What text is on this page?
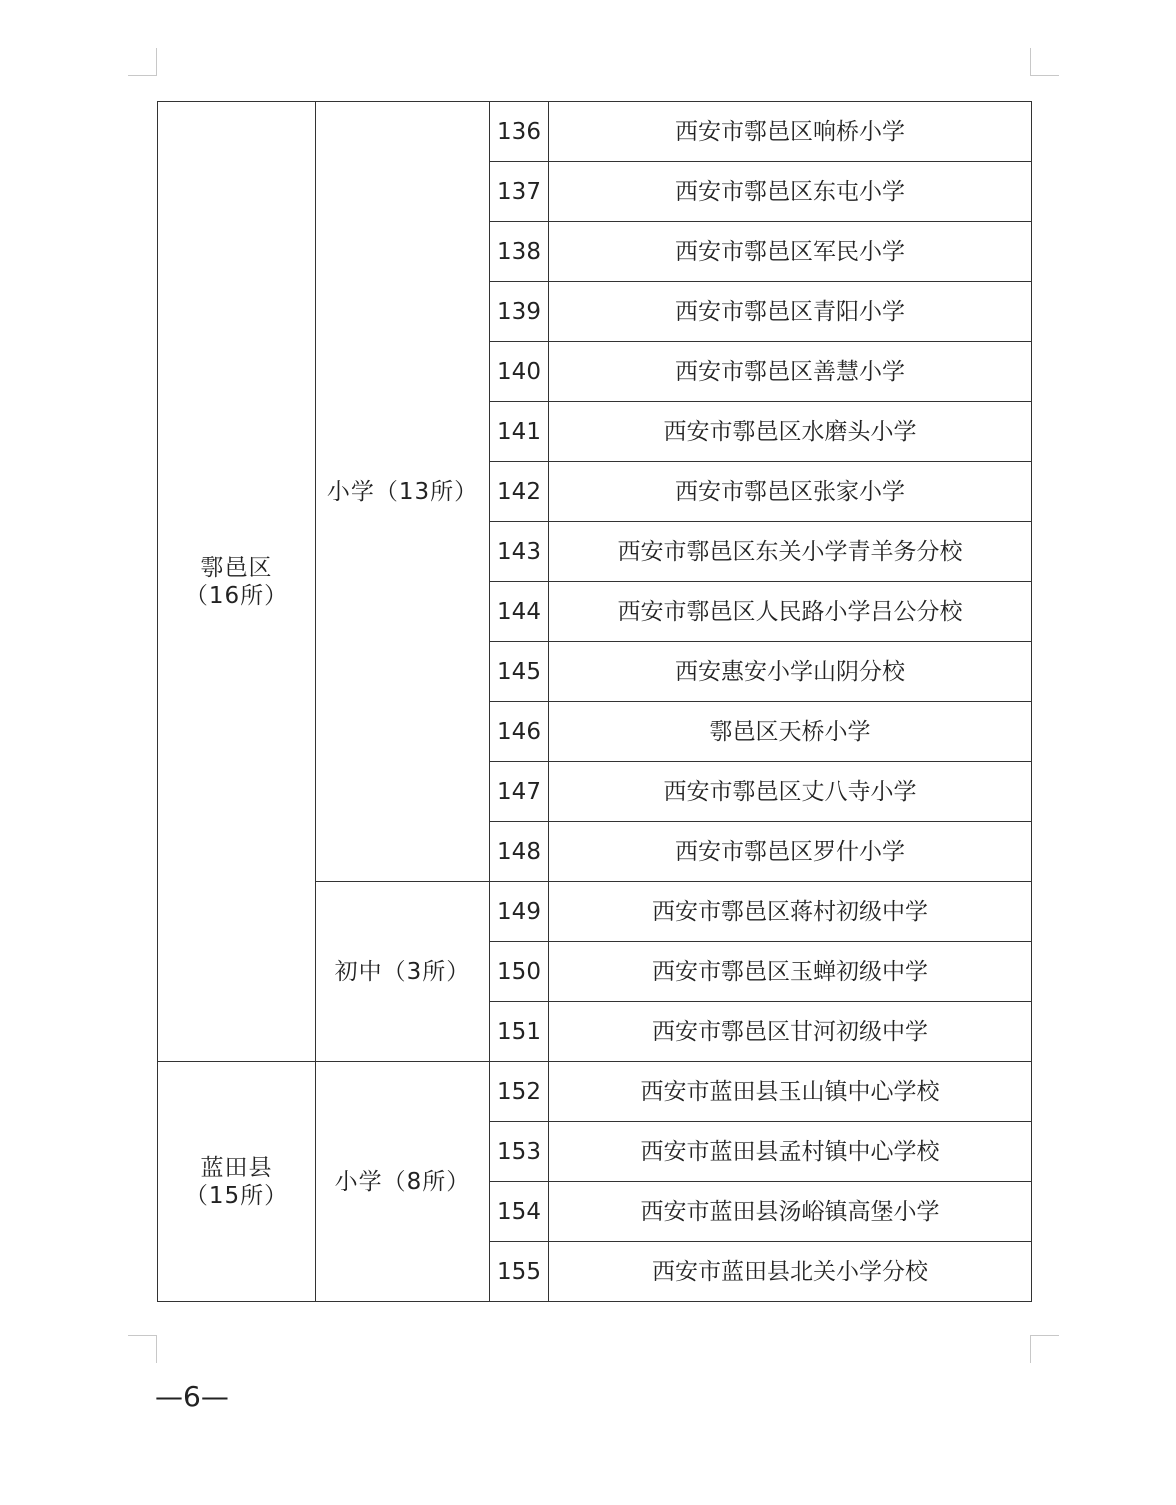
鄠邑区
（16所）	小学（13所）	136	西安市鄠邑区响桥小学
		137	西安市鄠邑区东屯小学
		138	西安市鄠邑区军民小学
		139	西安市鄠邑区青阳小学
		140	西安市鄠邑区善慧小学
		141	西安市鄠邑区水磨头小学
		142	西安市鄠邑区张家小学
		143	西安市鄠邑区东关小学青羊务分校
		144	西安市鄠邑区人民路小学吕公分校
		145	西安惠安小学山阴分校
		146	鄠邑区天桥小学
		147	西安市鄠邑区丈八寺小学
		148	西安市鄠邑区罗什小学
	初中（3所）	149	西安市鄠邑区蒋村初级中学
		150	西安市鄠邑区玉蝉初级中学
		151	西安市鄠邑区甘河初级中学

蓝田县
（15所）	小学（8所）	152	西安市蓝田县玉山镇中心学校
		153	西安市蓝田县孟村镇中心学校
		154	西安市蓝田县汤峪镇高堡小学
		155	西安市蓝田县北关小学分校
—6—
